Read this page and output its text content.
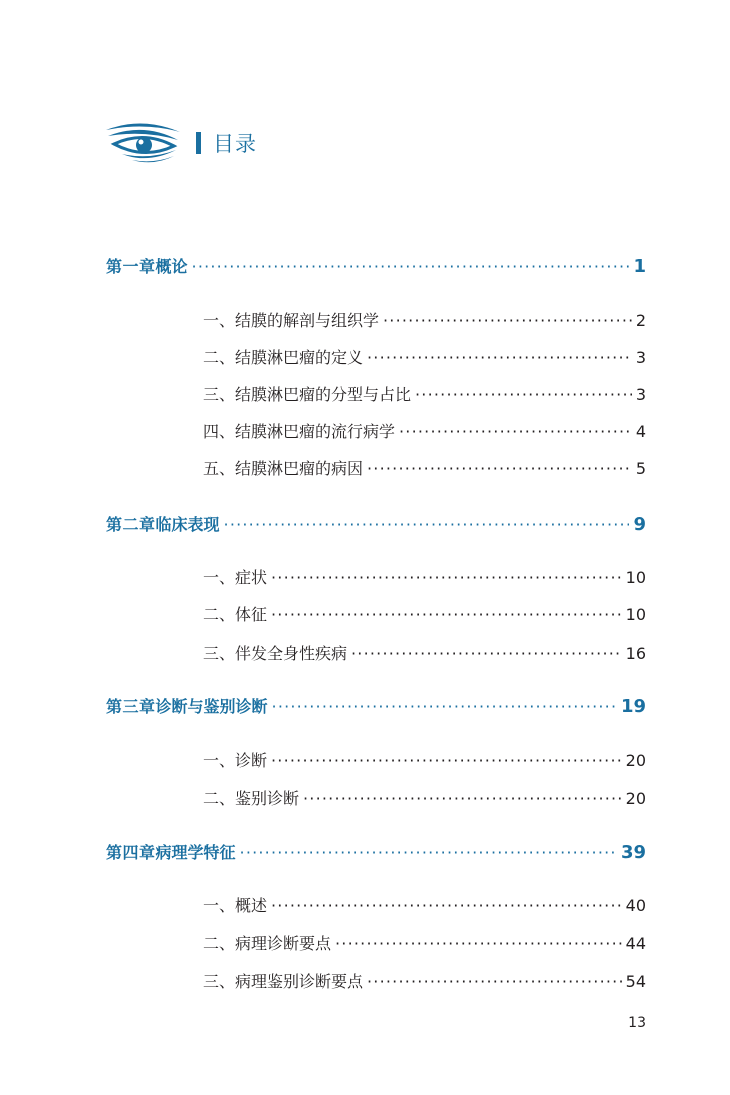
目录
第一章 概论 ·····	1
一、结膜的解剖与组织学 ·····	2
二、结膜淋巴瘤的定义 ·····	3
三、结膜淋巴瘤的分型与占比 ·····	3
四、结膜淋巴瘤的流行病学 ·····	4
五、结膜淋巴瘤的病因 ·····	5
第二章 临床表现 ·····	9
一、症状 ·····	10
二、体征 ·····	10
三、伴发全身性疾病 ·····	16
第三章 诊断与鉴别诊断 ·····	19
一、诊断 ·····	20
二、鉴别诊断 ·····	20
第四章 病理学特征 ·····	39
一、概述 ·····	40
二、病理诊断要点 ·····	44
三、病理鉴别诊断要点 ·····	54
13
